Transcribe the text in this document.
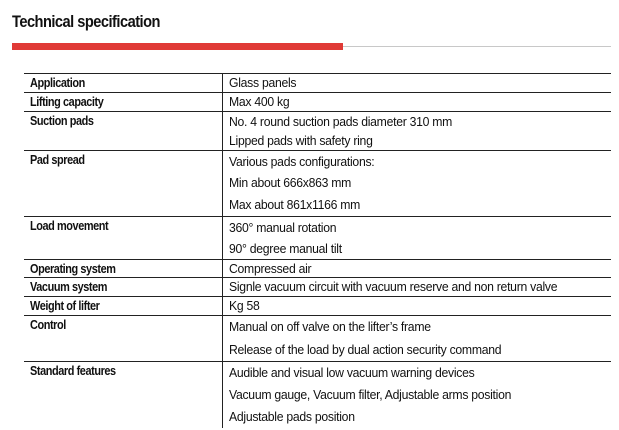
Technical specification
Application	Glass panels
Lifting capacity	Max 400 kg
Suction pads	No. 4 round suction pads diameter 310 mm
Lipped pads with safety ring
Pad spread	Various pads configurations:
Min about 666x863 mm
Max about 861x1166 mm
Load movement	360° manual rotation
90° degree manual tilt
Operating system	Compressed air
Vacuum system	Signle vacuum circuit with vacuum reserve and non return valve
Weight of lifter	Kg 58
Control	Manual on off valve on the lifter’s frame
Release of the load by dual action security command
Standard features	Audible and visual low vacuum warning devices
Vacuum gauge, Vacuum filter, Adjustable arms position
Adjustable pads position
